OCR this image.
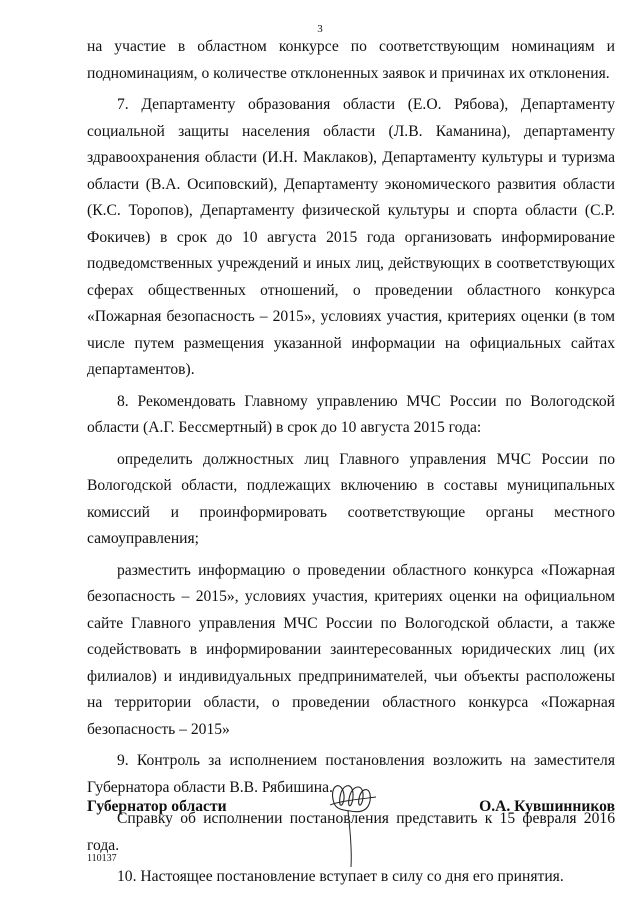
3

на участие в областном конкурсе по соответствующим номинациям и подноминациям, о количестве отклоненных заявок и причинах их отклонения.

7. Департаменту образования области (Е.О. Рябова), Департаменту социальной защиты населения области (Л.В. Каманина), департаменту здравоохранения области (И.Н. Маклаков), Департаменту культуры и туризма области (В.А. Осиповский), Департаменту экономического развития области (К.С. Торопов), Департаменту физической культуры и спорта области (С.Р. Фокичев) в срок до 10 августа 2015 года организовать информирование подведомственных учреждений и иных лиц, действующих в соответствующих сферах общественных отношений, о проведении областного конкурса «Пожарная безопасность – 2015», условиях участия, критериях оценки (в том числе путем размещения указанной информации на официальных сайтах департаментов).

8. Рекомендовать Главному управлению МЧС России по Вологодской области (А.Г. Бессмертный) в срок до 10 августа 2015 года:

определить должностных лиц Главного управления МЧС России по Вологодской области, подлежащих включению в составы муниципальных комиссий и проинформировать соответствующие органы местного самоуправления;

разместить информацию о проведении областного конкурса «Пожарная безопасность – 2015», условиях участия, критериях оценки на официальном сайте Главного управления МЧС России по Вологодской области, а также содействовать в информировании заинтересованных юридических лиц (их филиалов) и индивидуальных предпринимателей, чьи объекты расположены на территории области, о проведении областного конкурса «Пожарная безопасность – 2015»

9. Контроль за исполнением постановления возложить на заместителя Губернатора области В.В. Рябишина.

Справку об исполнении постановления представить к 15 февраля 2016 года.

10. Настоящее постановление вступает в силу со дня его принятия.

Губернатор области	О.А. Кувшинников
110137
